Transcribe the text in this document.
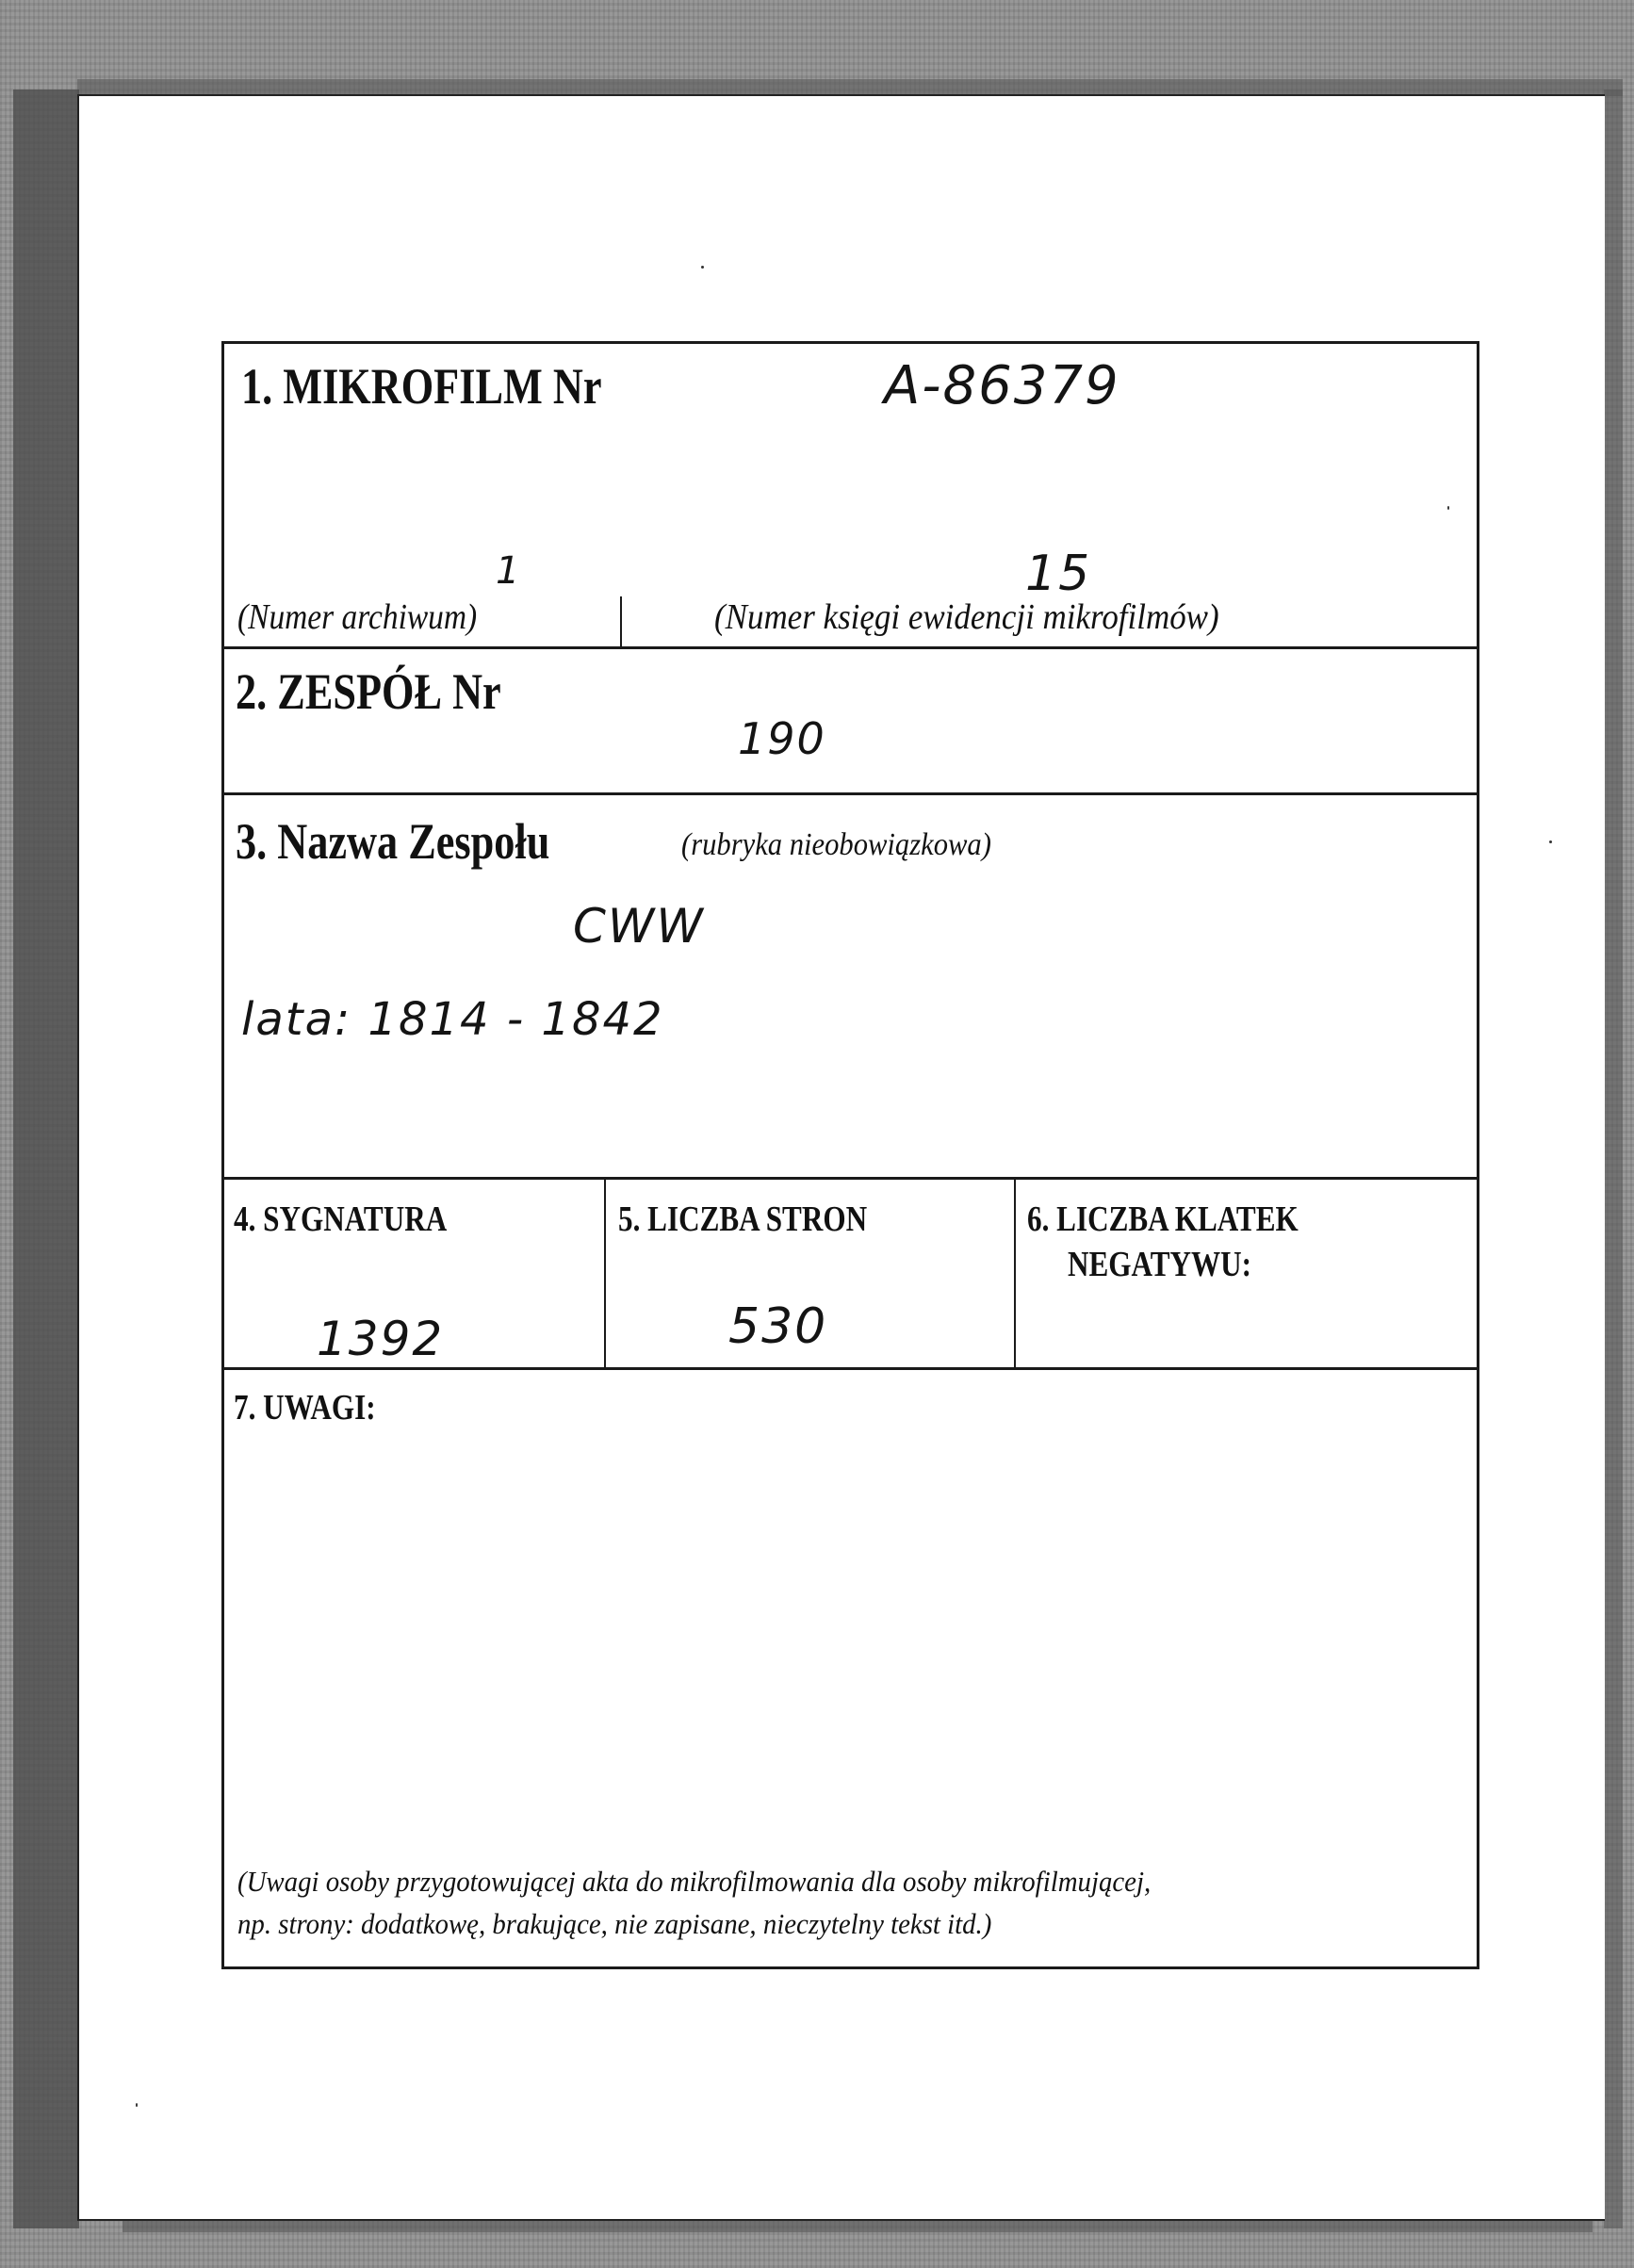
1. MIKROFILM Nr	A-86379
1	15
(Numer archiwum)	(Numer księgi ewidencji mikrofilmów)
2. ZESPÓŁ Nr
190
3. Nazwa Zespołu	(rubryka nieobowiązkowa)
CWW
lata: 1814 - 1842
4. SYGNATURA
1392
5. LICZBA STRON
530
6. LICZBA KLATEK
NEGATYWU:
7. UWAGI:
(Uwagi osoby przygotowującej akta do mikrofilmowania dla osoby mikrofilmującej,
np. strony: dodatkowę, brakujące, nie zapisane, nieczytelny tekst itd.)
